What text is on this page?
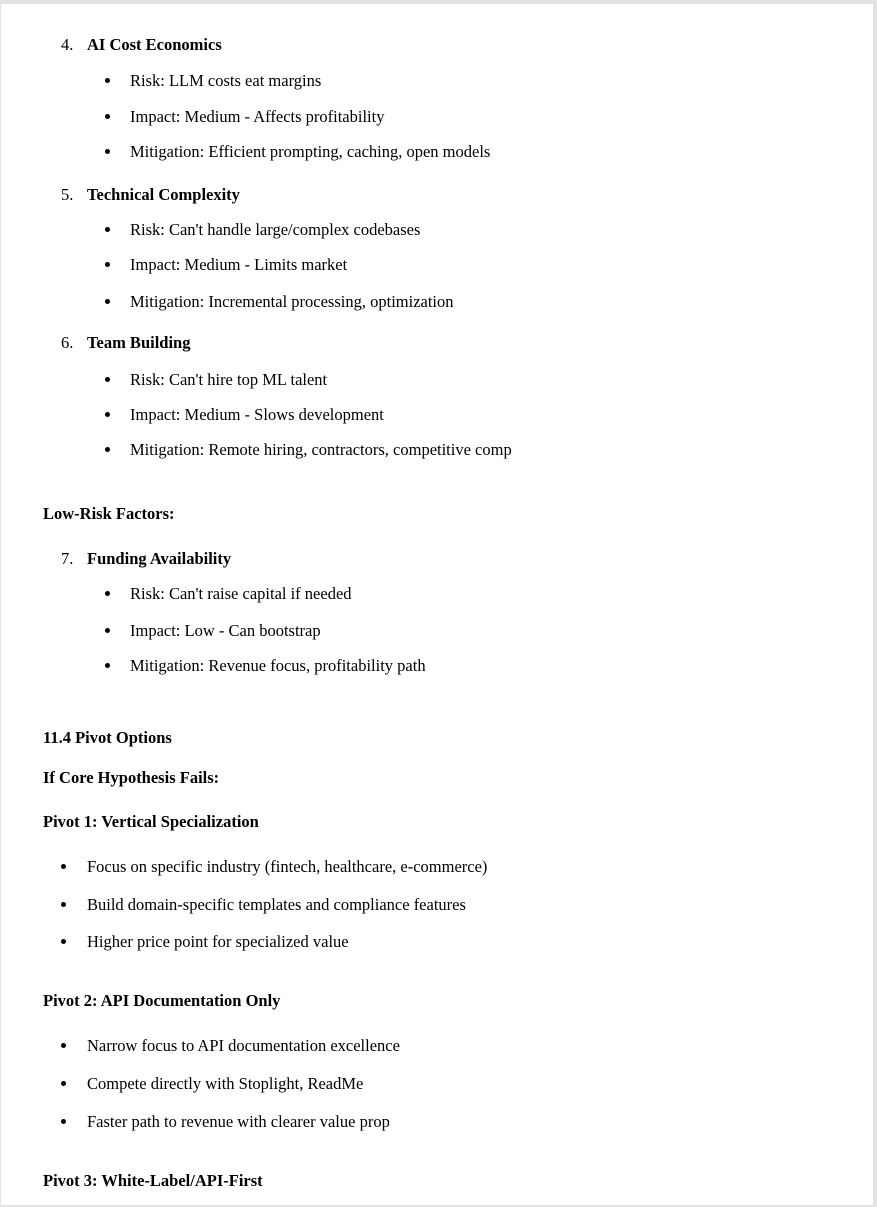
4. AI Cost Economics
Risk: LLM costs eat margins
Impact: Medium - Affects profitability
Mitigation: Efficient prompting, caching, open models
5. Technical Complexity
Risk: Can't handle large/complex codebases
Impact: Medium - Limits market
Mitigation: Incremental processing, optimization
6. Team Building
Risk: Can't hire top ML talent
Impact: Medium - Slows development
Mitigation: Remote hiring, contractors, competitive comp
Low-Risk Factors:
7. Funding Availability
Risk: Can't raise capital if needed
Impact: Low - Can bootstrap
Mitigation: Revenue focus, profitability path
11.4 Pivot Options
If Core Hypothesis Fails:
Pivot 1: Vertical Specialization
Focus on specific industry (fintech, healthcare, e-commerce)
Build domain-specific templates and compliance features
Higher price point for specialized value
Pivot 2: API Documentation Only
Narrow focus to API documentation excellence
Compete directly with Stoplight, ReadMe
Faster path to revenue with clearer value prop
Pivot 3: White-Label/API-First
